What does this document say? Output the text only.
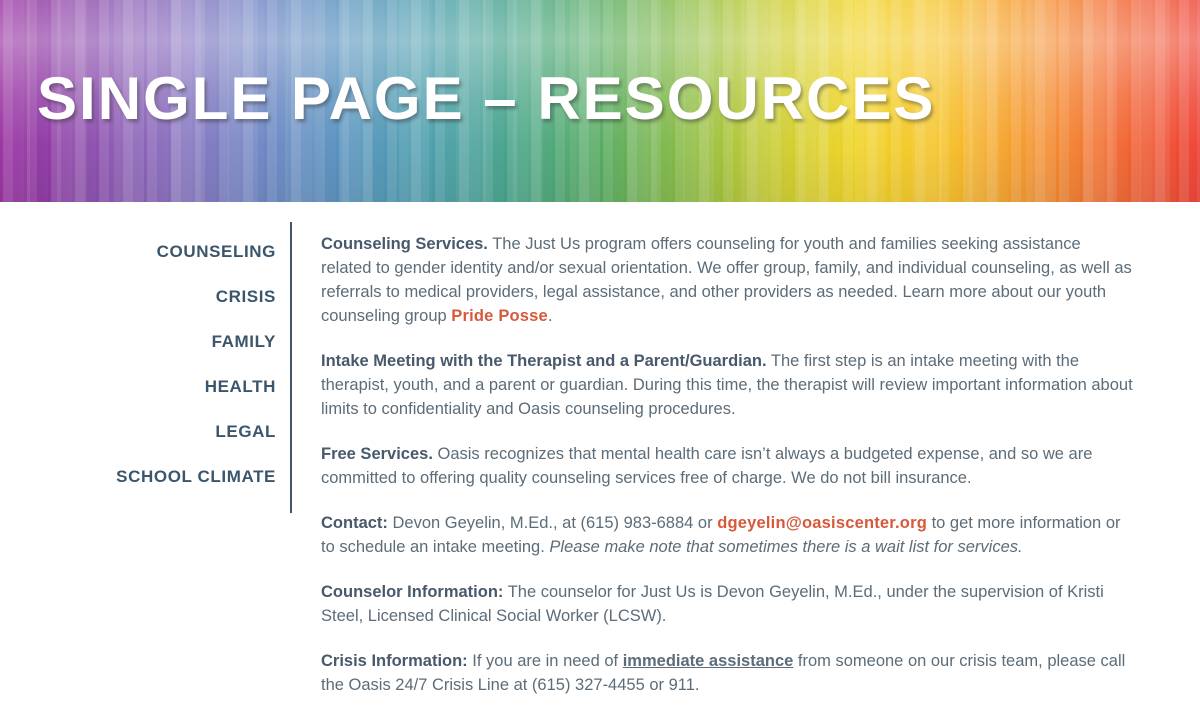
SINGLE PAGE – RESOURCES
COUNSELING
CRISIS
FAMILY
HEALTH
LEGAL
SCHOOL CLIMATE

Counseling Services. The Just Us program offers counseling for youth and families seeking assistance related to gender identity and/or sexual orientation. We offer group, family, and individual counseling, as well as referrals to medical providers, legal assistance, and other providers as needed. Learn more about our youth counseling group Pride Posse.

Intake Meeting with the Therapist and a Parent/Guardian. The first step is an intake meeting with the therapist, youth, and a parent or guardian. During this time, the therapist will review important information about limits to confidentiality and Oasis counseling procedures.

Free Services. Oasis recognizes that mental health care isn’t always a budgeted expense, and so we are committed to offering quality counseling services free of charge. We do not bill insurance.

Contact: Devon Geyelin, M.Ed., at (615) 983-6884 or dgeyelin@oasiscenter.org to get more information or to schedule an intake meeting. Please make note that sometimes there is a wait list for services.

Counselor Information: The counselor for Just Us is Devon Geyelin, M.Ed., under the supervision of Kristi Steel, Licensed Clinical Social Worker (LCSW).

Crisis Information: If you are in need of immediate assistance from someone on our crisis team, please call the Oasis 24/7 Crisis Line at (615) 327-4455 or 911.
